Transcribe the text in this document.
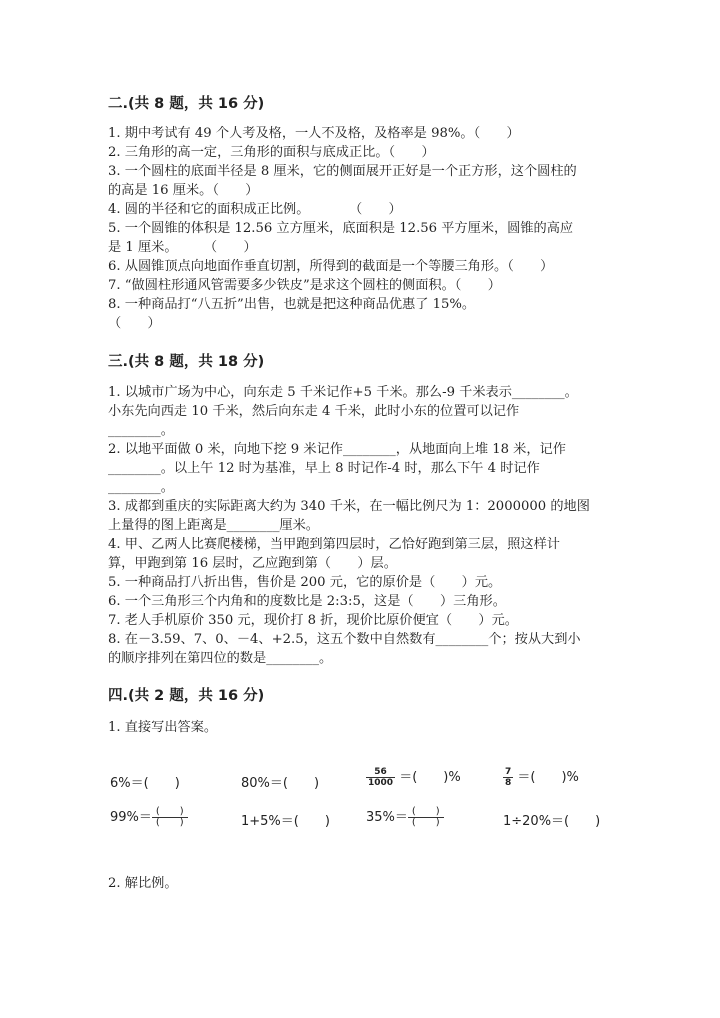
二.(共 8 题，共 16 分)
1. 期中考试有 49 个人考及格，一人不及格，及格率是 98%。（　　）
2. 三角形的高一定，三角形的面积与底成正比。（　　）
3. 一个圆柱的底面半径是 8 厘米，它的侧面展开正好是一个正方形，这个圆柱的
的高是 16 厘米。（　　）
4. 圆的半径和它的面积成正比例。　　　　（　　）
5. 一个圆锥的体积是 12.56 立方厘米，底面积是 12.56 平方厘米，圆锥的高应
是 1 厘米。　　　（　　）
6. 从圆锥顶点向地面作垂直切割，所得到的截面是一个等腰三角形。（　　）
7. “做圆柱形通风管需要多少铁皮”是求这个圆柱的侧面积。（　　）
8. 一种商品打“八五折”出售，也就是把这种商品优惠了 15%。
（　　）
三.(共 8 题，共 18 分)
1. 以城市广场为中心，向东走 5 千米记作+5 千米。那么-9 千米表示________。
小东先向西走 10 千米，然后向东走 4 千米，此时小东的位置可以记作
________。
2. 以地平面做 0 米，向地下挖 9 米记作________，从地面向上堆 18 米，记作
________。以上午 12 时为基准，早上 8 时记作-4 时，那么下午 4 时记作
________。
3. 成都到重庆的实际距离大约为 340 千米，在一幅比例尺为 1：2000000 的地图
上量得的图上距离是________厘米。
4. 甲、乙两人比赛爬楼梯，当甲跑到第四层时，乙恰好跑到第三层，照这样计
算，甲跑到第 16 层时，乙应跑到第（　　）层。
5. 一种商品打八折出售，售价是 200 元，它的原价是（　　）元。
6. 一个三角形三个内角和的度数比是 2:3:5，这是（　　）三角形。
7. 老人手机原价 350 元，现价打 8 折，现价比原价便宜（　　）元。
8. 在－3.59、7、0、－4、+2.5，这五个数中自然数有________个；按从大到小
的顺序排列在第四位的数是________。
四.(共 2 题，共 16 分)
1. 直接写出答案。
6%＝(　　)	80%＝(　　)	$\frac{56}{1000}$ ＝(　　)%	$\frac{7}{8}$ ＝(　　)%
$99\%= \frac{( )}{( )}$	1+5%＝(　　)	$35\%= \frac{( )}{( )}$	1÷20%＝(　　)
2. 解比例。
